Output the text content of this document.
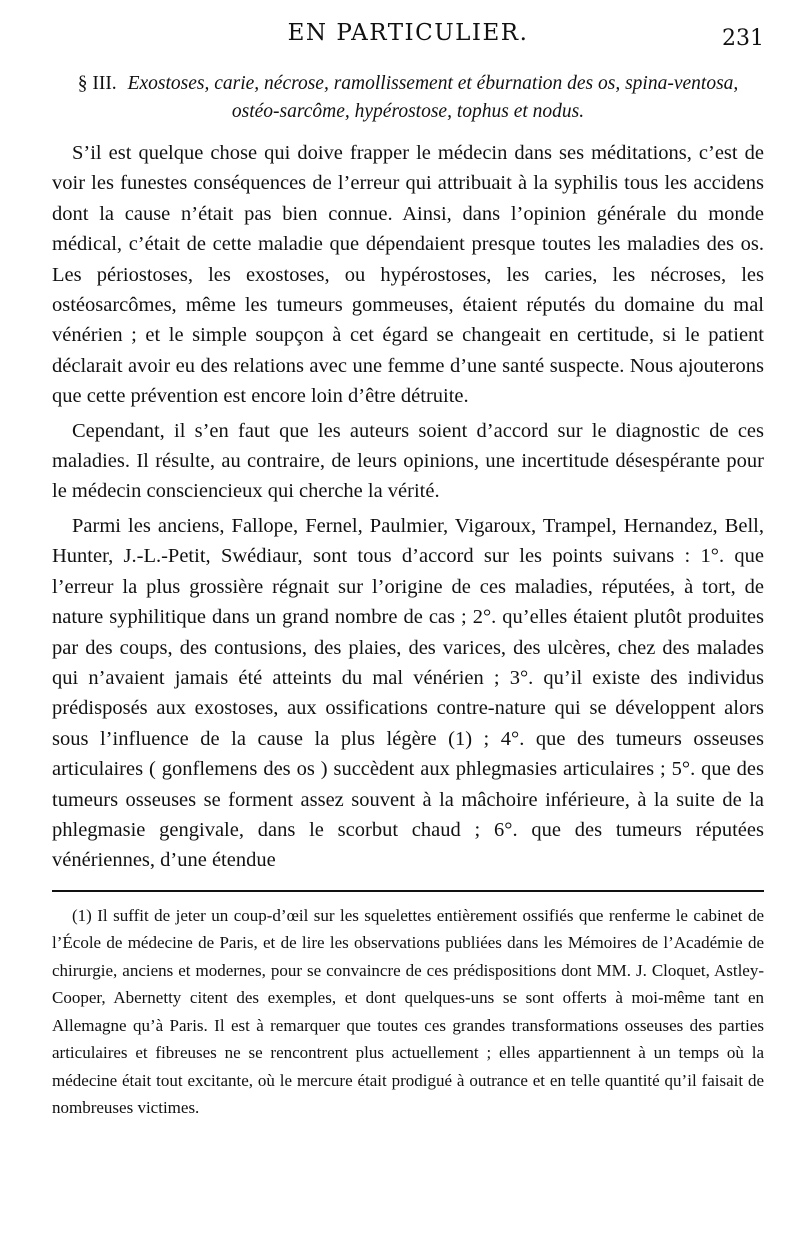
EN PARTICULIER.	231
§ III. Exostoses, carie, nécrose, ramollissement et éburnation des os, spina-ventosa, ostéo-sarcôme, hypérostose, tophus et nodus.

S’il est quelque chose qui doive frapper le médecin dans ses méditations, c’est de voir les funestes conséquences de l’erreur qui attribuait à la syphilis tous les accidens dont la cause n’était pas bien connue. Ainsi, dans l’opinion générale du monde médical, c’était de cette maladie que dépendaient presque toutes les maladies des os. Les périostoses, les exostoses, ou hypérostoses, les caries, les nécroses, les ostéosarcômes, même les tumeurs gommeuses, étaient réputés du domaine du mal vénérien ; et le simple soupçon à cet égard se changeait en certitude, si le patient déclarait avoir eu des relations avec une femme d’une santé suspecte. Nous ajouterons que cette prévention est encore loin d’être détruite.

Cependant, il s’en faut que les auteurs soient d’accord sur le diagnostic de ces maladies. Il résulte, au contraire, de leurs opinions, une incertitude désespérante pour le médecin consciencieux qui cherche la vérité.

Parmi les anciens, Fallope, Fernel, Paulmier, Vigaroux, Trampel, Hernandez, Bell, Hunter, J.-L.-Petit, Swédiaur, sont tous d’accord sur les points suivans : 1°. que l’erreur la plus grossière régnait sur l’origine de ces maladies, réputées, à tort, de nature syphilitique dans un grand nombre de cas ; 2°. qu’elles étaient plutôt produites par des coups, des contusions, des plaies, des varices, des ulcères, chez des malades qui n’avaient jamais été atteints du mal vénérien ; 3°. qu’il existe des individus prédisposés aux exostoses, aux ossifications contre-nature qui se développent alors sous l’influence de la cause la plus légère (1) ; 4°. que des tumeurs osseuses articulaires ( gonflemens des os ) succèdent aux phlegmasies articulaires ; 5°. que des tumeurs osseuses se forment assez souvent à la mâchoire inférieure, à la suite de la phlegmasie gengivale, dans le scorbut chaud ; 6°. que des tumeurs réputées vénériennes, d’une étendue

(1) Il suffit de jeter un coup-d’œil sur les squelettes entièrement ossifiés que renferme le cabinet de l’École de médecine de Paris, et de lire les observations publiées dans les Mémoires de l’Académie de chirurgie, anciens et modernes, pour se convaincre de ces prédispositions dont MM. J. Cloquet, Astley-Cooper, Abernetty citent des exemples, et dont quelques-uns se sont offerts à moi-même tant en Allemagne qu’à Paris. Il est à remarquer que toutes ces grandes transformations osseuses des parties articulaires et fibreuses ne se rencontrent plus actuellement ; elles appartiennent à un temps où la médecine était tout excitante, où le mercure était prodigué à outrance et en telle quantité qu’il faisait de nombreuses victimes.
